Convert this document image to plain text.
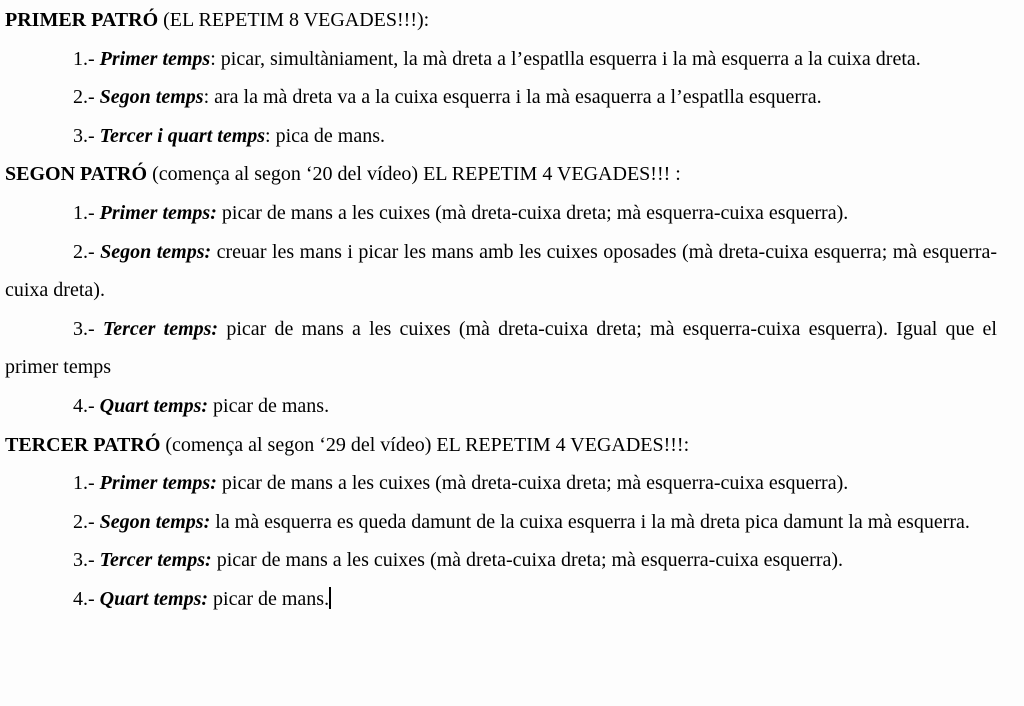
PRIMER PATRÓ (EL REPETIM 8 VEGADES!!!):

1.- Primer temps: picar, simultàniament, la mà dreta a l’espatlla esquerra i la mà esquerra a la cuixa dreta.

2.- Segon temps: ara la mà dreta va a la cuixa esquerra i la mà esaquerra a l’espatlla esquerra.

3.- Tercer i quart temps: pica de mans.

SEGON PATRÓ (comença al segon ‘20 del vídeo) EL REPETIM 4 VEGADES!!! :

1.- Primer temps: picar de mans a les cuixes (mà dreta-cuixa dreta; mà esquerra-cuixa esquerra).

2.- Segon temps: creuar les mans i picar les mans amb les cuixes oposades (mà dreta-cuixa esquerra; mà esquerra-cuixa dreta).

3.- Tercer temps: picar de mans a les cuixes (mà dreta-cuixa dreta; mà esquerra-cuixa esquerra). Igual que el primer temps

4.- Quart temps: picar de mans.

TERCER PATRÓ (comença al segon ‘29 del vídeo) EL REPETIM 4 VEGADES!!!:

1.- Primer temps: picar de mans a les cuixes (mà dreta-cuixa dreta; mà esquerra-cuixa esquerra).

2.- Segon temps: la mà esquerra es queda damunt de la cuixa esquerra i la mà dreta pica damunt la mà esquerra.

3.- Tercer temps: picar de mans a les cuixes (mà dreta-cuixa dreta; mà esquerra-cuixa esquerra).

4.- Quart temps: picar de mans.
